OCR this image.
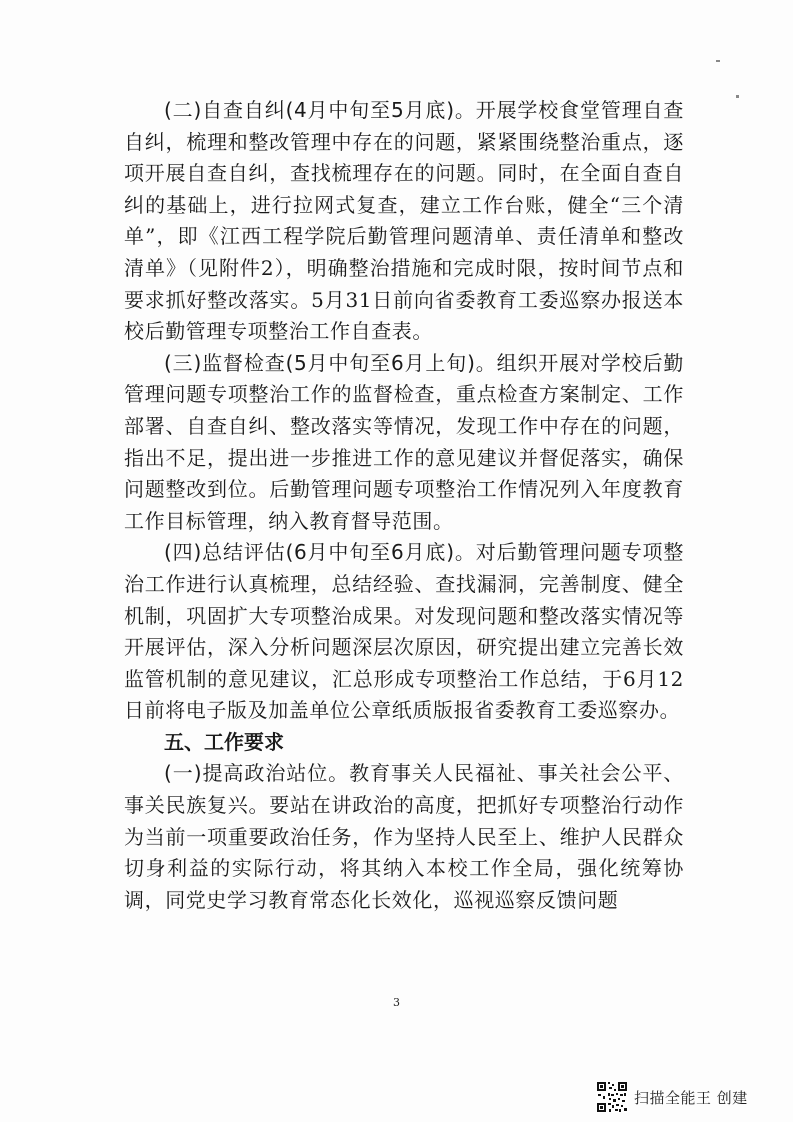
(二)自查自纠(4月中旬至5月底)。开展学校食堂管理自查自纠，梳理和整改管理中存在的问题，紧紧围绕整治重点，逐项开展自查自纠，查找梳理存在的问题。同时，在全面自查自纠的基础上，进行拉网式复查，建立工作台账，健全“三个清单”，即《江西工程学院后勤管理问题清单、责任清单和整改清单》（见附件2），明确整治措施和完成时限，按时间节点和要求抓好整改落实。5月31日前向省委教育工委巡察办报送本校后勤管理专项整治工作自查表。

(三)监督检查(5月中旬至6月上旬)。组织开展对学校后勤管理问题专项整治工作的监督检查，重点检查方案制定、工作部署、自查自纠、整改落实等情况，发现工作中存在的问题，指出不足，提出进一步推进工作的意见建议并督促落实，确保问题整改到位。后勤管理问题专项整治工作情况列入年度教育工作目标管理，纳入教育督导范围。

(四)总结评估(6月中旬至6月底)。对后勤管理问题专项整治工作进行认真梳理，总结经验、查找漏洞，完善制度、健全机制，巩固扩大专项整治成果。对发现问题和整改落实情况等开展评估，深入分析问题深层次原因，研究提出建立完善长效监管机制的意见建议，汇总形成专项整治工作总结，于6月12日前将电子版及加盖单位公章纸质版报省委教育工委巡察办。

五、工作要求

(一)提高政治站位。教育事关人民福祉、事关社会公平、事关民族复兴。要站在讲政治的高度，把抓好专项整治行动作为当前一项重要政治任务，作为坚持人民至上、维护人民群众切身利益的实际行动，将其纳入本校工作全局，强化统筹协调，同党史学习教育常态化长效化，巡视巡察反馈问题

3
扫描全能王 创建
